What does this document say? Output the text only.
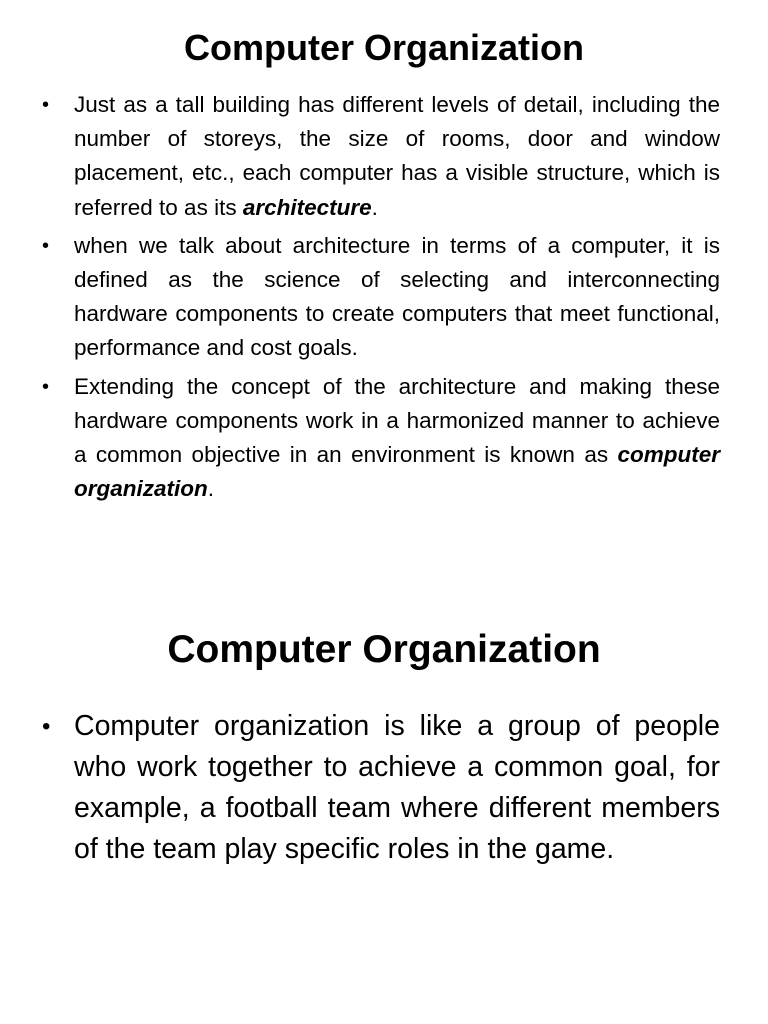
Computer Organization
• Just as a tall building has different levels of detail, including the number of storeys, the size of rooms, door and window placement, etc., each computer has a visible structure, which is referred to as its architecture.
• when we talk about architecture in terms of a computer, it is defined as the science of selecting and interconnecting hardware components to create computers that meet functional, performance and cost goals.
• Extending the concept of the architecture and making these hardware components work in a harmonized manner to achieve a common objective in an environment is known as computer organization.
Computer Organization
• Computer organization is like a group of people who work together to achieve a common goal, for example, a football team where different members of the team play specific roles in the game.
